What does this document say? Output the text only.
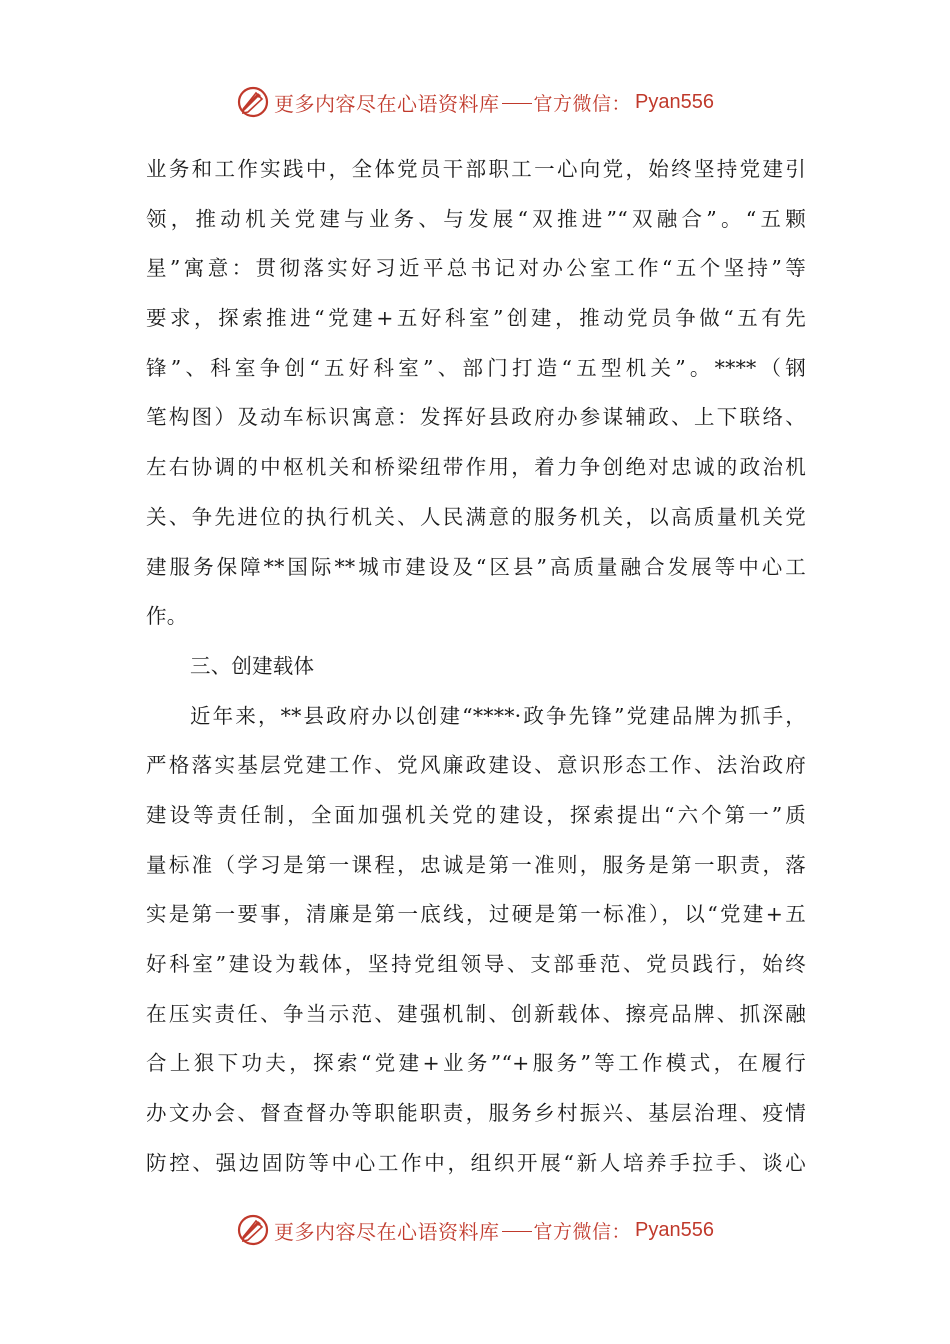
更多内容尽在心语资料库 官方微信： Pyan556
业务和工作实践中，全体党员干部职工一心向党，始终坚持党建引
领，推动机关党建与业务、与发展“双推进”“双融合”。“五颗
星”寓意：贯彻落实好习近平总书记对办公室工作“五个坚持”等
要求，探索推进“党建+五好科室”创建，推动党员争做“五有先
锋”、科室争创“五好科室”、部门打造“五型机关”。****（钢
笔构图）及动车标识寓意：发挥好县政府办参谋辅政、上下联络、
左右协调的中枢机关和桥梁纽带作用，着力争创绝对忠诚的政治机
关、争先进位的执行机关、人民满意的服务机关，以高质量机关党
建服务保障**国际**城市建设及“区县”高质量融合发展等中心工
作。
三、创建载体
近年来，**县政府办以创建“****·政争先锋”党建品牌为抓手，
严格落实基层党建工作、党风廉政建设、意识形态工作、法治政府
建设等责任制，全面加强机关党的建设，探索提出“六个第一”质
量标准（学习是第一课程，忠诚是第一准则，服务是第一职责，落
实是第一要事，清廉是第一底线，过硬是第一标准），以“党建+五
好科室”建设为载体，坚持党组领导、支部垂范、党员践行，始终
在压实责任、争当示范、建强机制、创新载体、擦亮品牌、抓深融
合上狠下功夫，探索“党建+业务”“+服务”等工作模式，在履行
办文办会、督查督办等职能职责，服务乡村振兴、基层治理、疫情
防控、强边固防等中心工作中，组织开展“新人培养手拉手、谈心
更多内容尽在心语资料库 官方微信： Pyan556
